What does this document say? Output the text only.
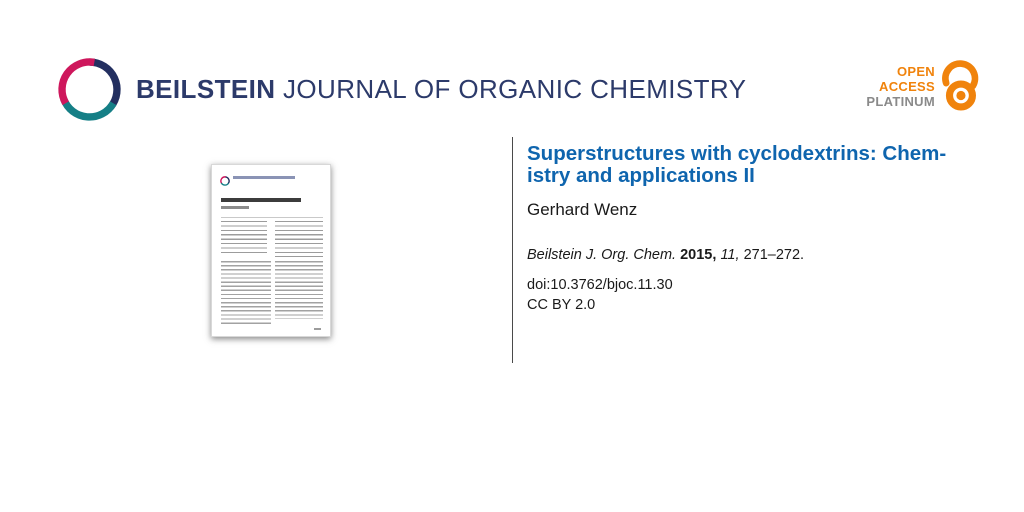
BEILSTEIN JOURNAL OF ORGANIC CHEMISTRY
OPEN
ACCESS
PLATINUM
Superstructures with cyclodextrins: Chem-
istry and applications II
Gerhard Wenz
Beilstein J. Org. Chem. 2015, 11, 271–272.
doi:10.3762/bjoc.11.30
CC BY 2.0
